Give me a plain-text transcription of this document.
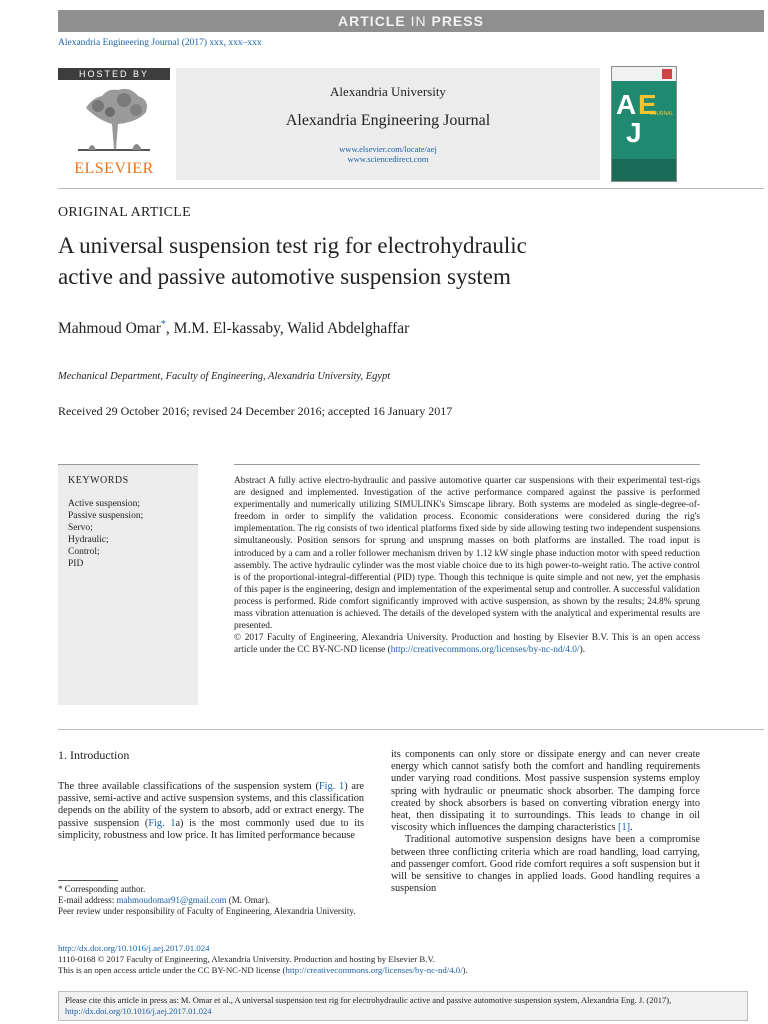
ARTICLE IN PRESS
Alexandria Engineering Journal (2017) xxx, xxx–xxx
HOSTED BY
ELSEVIER
Alexandria University
Alexandria Engineering Journal
www.elsevier.com/locate/aej
www.sciencedirect.com
A E
J
JOURNAL
ORIGINAL ARTICLE
A universal suspension test rig for electrohydraulic
active and passive automotive suspension system
Mahmoud Omar*, M.M. El-kassaby, Walid Abdelghaffar
Mechanical Department, Faculty of Engineering, Alexandria University, Egypt
Received 29 October 2016; revised 24 December 2016; accepted 16 January 2017
KEYWORDS
Active suspension;
Passive suspension;
Servo;
Hydraulic;
Control;
PID
Abstract A fully active electro-hydraulic and passive automotive quarter car suspensions with their experimental test-rigs are designed and implemented. Investigation of the active performance compared against the passive is performed experimentally and numerically utilizing SIMULINK's Simscape library. Both systems are modeled as single-degree-of-freedom in order to simplify the validation process. Economic considerations were considered during the rig's implementation. The rig consists of two identical platforms fixed side by side allowing testing two independent suspensions simultaneously. Position sensors for sprung and unsprung masses on both platforms are installed. The road input is introduced by a cam and a roller follower mechanism driven by 1.12 kW single phase induction motor with speed reduction assembly. The active hydraulic cylinder was the most viable choice due to its high power-to-weight ratio. The active control is of the proportional-integral-differential (PID) type. Though this technique is quite simple and not new, yet the emphasis of this paper is the engineering, design and implementation of the experimental setup and controller. A successful validation process is performed. Ride comfort significantly improved with active suspension, as shown by the results; 24.8% sprung mass vibration attenuation is achieved. The details of the developed system with the analytical and experimental results are presented.
© 2017 Faculty of Engineering, Alexandria University. Production and hosting by Elsevier B.V. This is an open access article under the CC BY-NC-ND license (http://creativecommons.org/licenses/by-nc-nd/4.0/).
1. Introduction
The three available classifications of the suspension system (Fig. 1) are passive, semi-active and active suspension systems, and this classification depends on the ability of the system to absorb, add or extract energy. The passive suspension (Fig. 1a) is the most commonly used due to its simplicity, robustness and low price. It has limited performance because

its components can only store or dissipate energy and can never create energy which cannot satisfy both the comfort and handling requirements under varying road conditions. Most passive suspension systems employ spring with hydraulic or pneumatic shock absorber. The damping force created by shock absorbers is based on converting vibration energy into heat, then dissipating it to surroundings. This leads to change in oil viscosity which influences the damping characteristics [1].

Traditional automotive suspension designs have been a compromise between three conflicting criteria which are road handling, load carrying, and passenger comfort. Good ride comfort requires a soft suspension but it will be sensitive to changes in applied loads. Good handling requires a suspension

* Corresponding author.

E-mail address: mahmoudomar91@gmail.com (M. Omar).

Peer review under responsibility of Faculty of Engineering, Alexandria University.

http://dx.doi.org/10.1016/j.aej.2017.01.024

1110-0168 © 2017 Faculty of Engineering, Alexandria University. Production and hosting by Elsevier B.V.

This is an open access article under the CC BY-NC-ND license (http://creativecommons.org/licenses/by-nc-nd/4.0/).

Please cite this article in press as: M. Omar et al., A universal suspension test rig for electrohydraulic active and passive automotive suspension system, Alexandria Eng. J. (2017), http://dx.doi.org/10.1016/j.aej.2017.01.024
